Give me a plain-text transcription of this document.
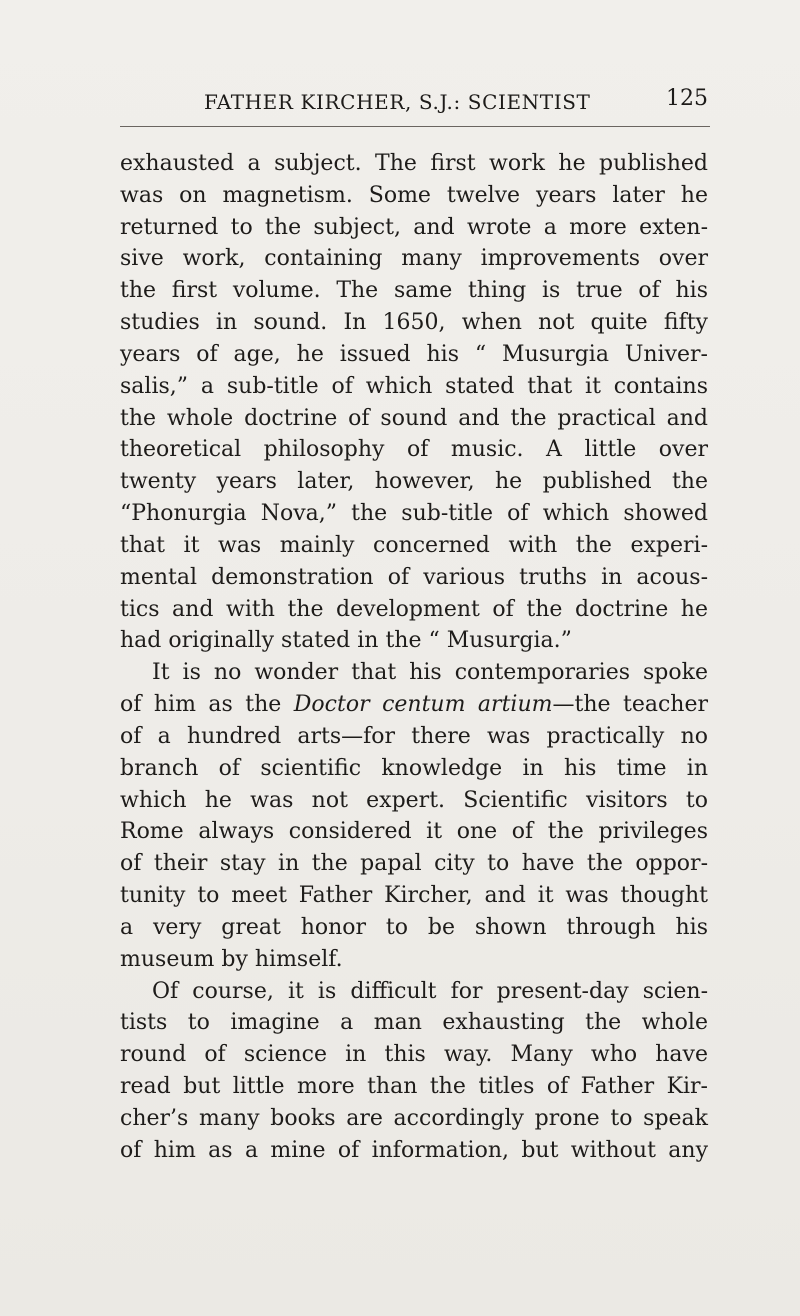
FATHER KIRCHER, S.J.: SCIENTIST	125
exhausted a subject. The first work he published
was on magnetism. Some twelve years later he
returned to the subject, and wrote a more exten-
sive work, containing many improvements over
the first volume. The same thing is true of his
studies in sound. In 1650, when not quite fifty
years of age, he issued his “ Musurgia Univer-
salis,” a sub-title of which stated that it contains
the whole doctrine of sound and the practical and
theoretical philosophy of music. A little over
twenty years later, however, he published the
“Phonurgia Nova,” the sub-title of which showed
that it was mainly concerned with the experi-
mental demonstration of various truths in acous-
tics and with the development of the doctrine he
had originally stated in the “ Musurgia.”
It is no wonder that his contemporaries spoke
of him as the Doctor centum artium—the teacher
of a hundred arts—for there was practically no
branch of scientific knowledge in his time in
which he was not expert. Scientific visitors to
Rome always considered it one of the privileges
of their stay in the papal city to have the oppor-
tunity to meet Father Kircher, and it was thought
a very great honor to be shown through his
museum by himself.
Of course, it is difficult for present-day scien-
tists to imagine a man exhausting the whole
round of science in this way. Many who have
read but little more than the titles of Father Kir-
cher’s many books are accordingly prone to speak
of him as a mine of information, but without any
